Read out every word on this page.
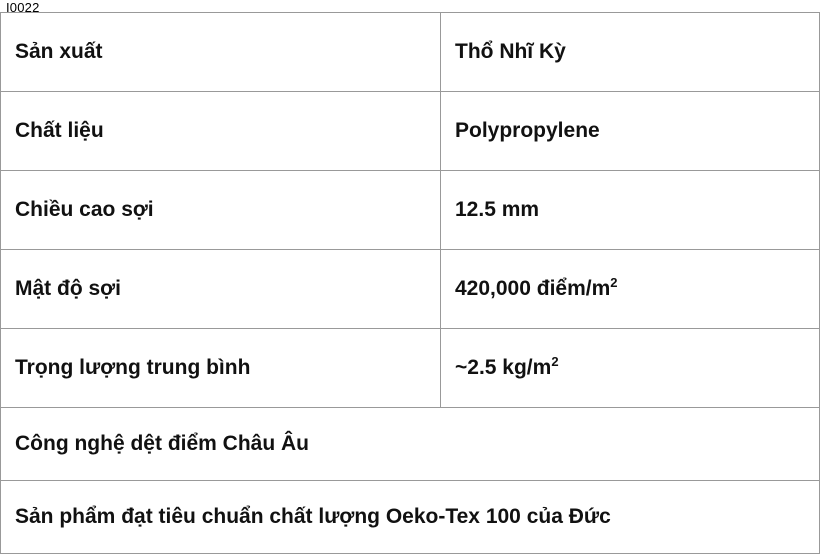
I0022
Sản xuất	Thổ Nhĩ Kỳ
Chất liệu	Polypropylene
Chiều cao sợi	12.5 mm
Mật độ sợi	420,000 điểm/$m^2$
Trọng lượng trung bình	~2.5 $kg/m^2$
Công nghệ dệt điểm Châu Âu	
Sản phẩm đạt tiêu chuẩn chất lượng Oeko-Tex 100 của Đức	
